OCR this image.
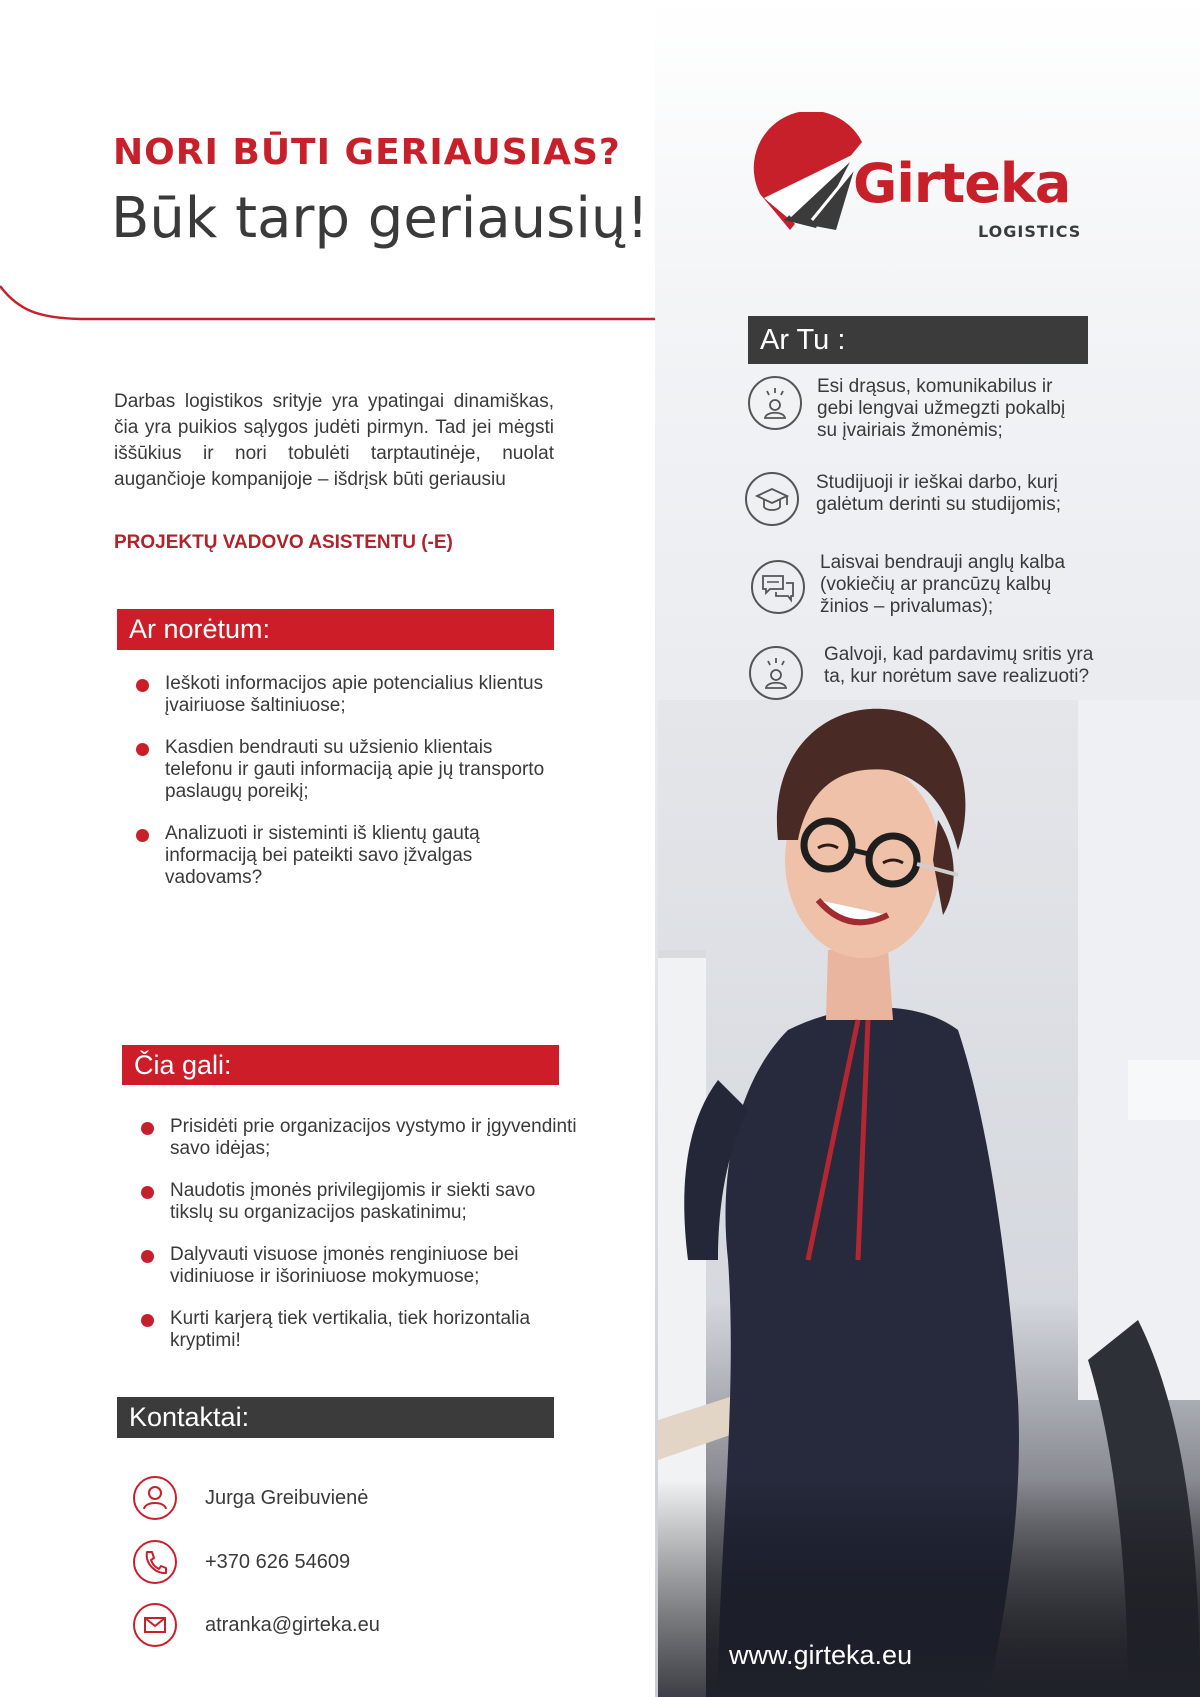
NORI BŪTI GERIAUSIAS?
Būk tarp geriausių!
Girteka
LOGISTICS
Darbas logistikos srityje yra ypatingai dinamiškas, čia yra puikios sąlygos judėti pirmyn. Tad jei mėgsti iššūkius ir nori tobulėti tarptautinėje, nuolat augančioje kompanijoje – išdrįsk būti geriausiu
PROJEKTŲ VADOVO ASISTENTU (-E)
Ar norėtum:
Ieškoti informacijos apie potencialius klientus įvairiuose šaltiniuose;
Kasdien bendrauti su užsienio klientais telefonu ir gauti informaciją apie jų transporto paslaugų poreikį;
Analizuoti ir sisteminti iš klientų gautą informaciją bei pateikti savo įžvalgas vadovams?
Čia gali:
Prisidėti prie organizacijos vystymo ir įgyvendinti savo idėjas;
Naudotis įmonės privilegijomis ir siekti savo tikslų su organizacijos paskatinimu;
Dalyvauti visuose įmonės renginiuose bei vidiniuose ir išoriniuose mokymuose;
Kurti karjerą tiek vertikalia, tiek horizontalia kryptimi!
Kontaktai:
Jurga Greibuvienė
+370 626 54609
atranka@girteka.eu
Ar Tu :
Esi drąsus, komunikabilus ir gebi lengvai užmegzti pokalbį su įvairiais žmonėmis;
Studijuoji ir ieškai darbo, kurį galėtum derinti su studijomis;
Laisvai bendrauji anglų kalba (vokiečių ar prancūzų kalbų žinios – privalumas);
Galvoji, kad pardavimų sritis yra ta, kur norėtum save realizuoti?
www.girteka.eu
